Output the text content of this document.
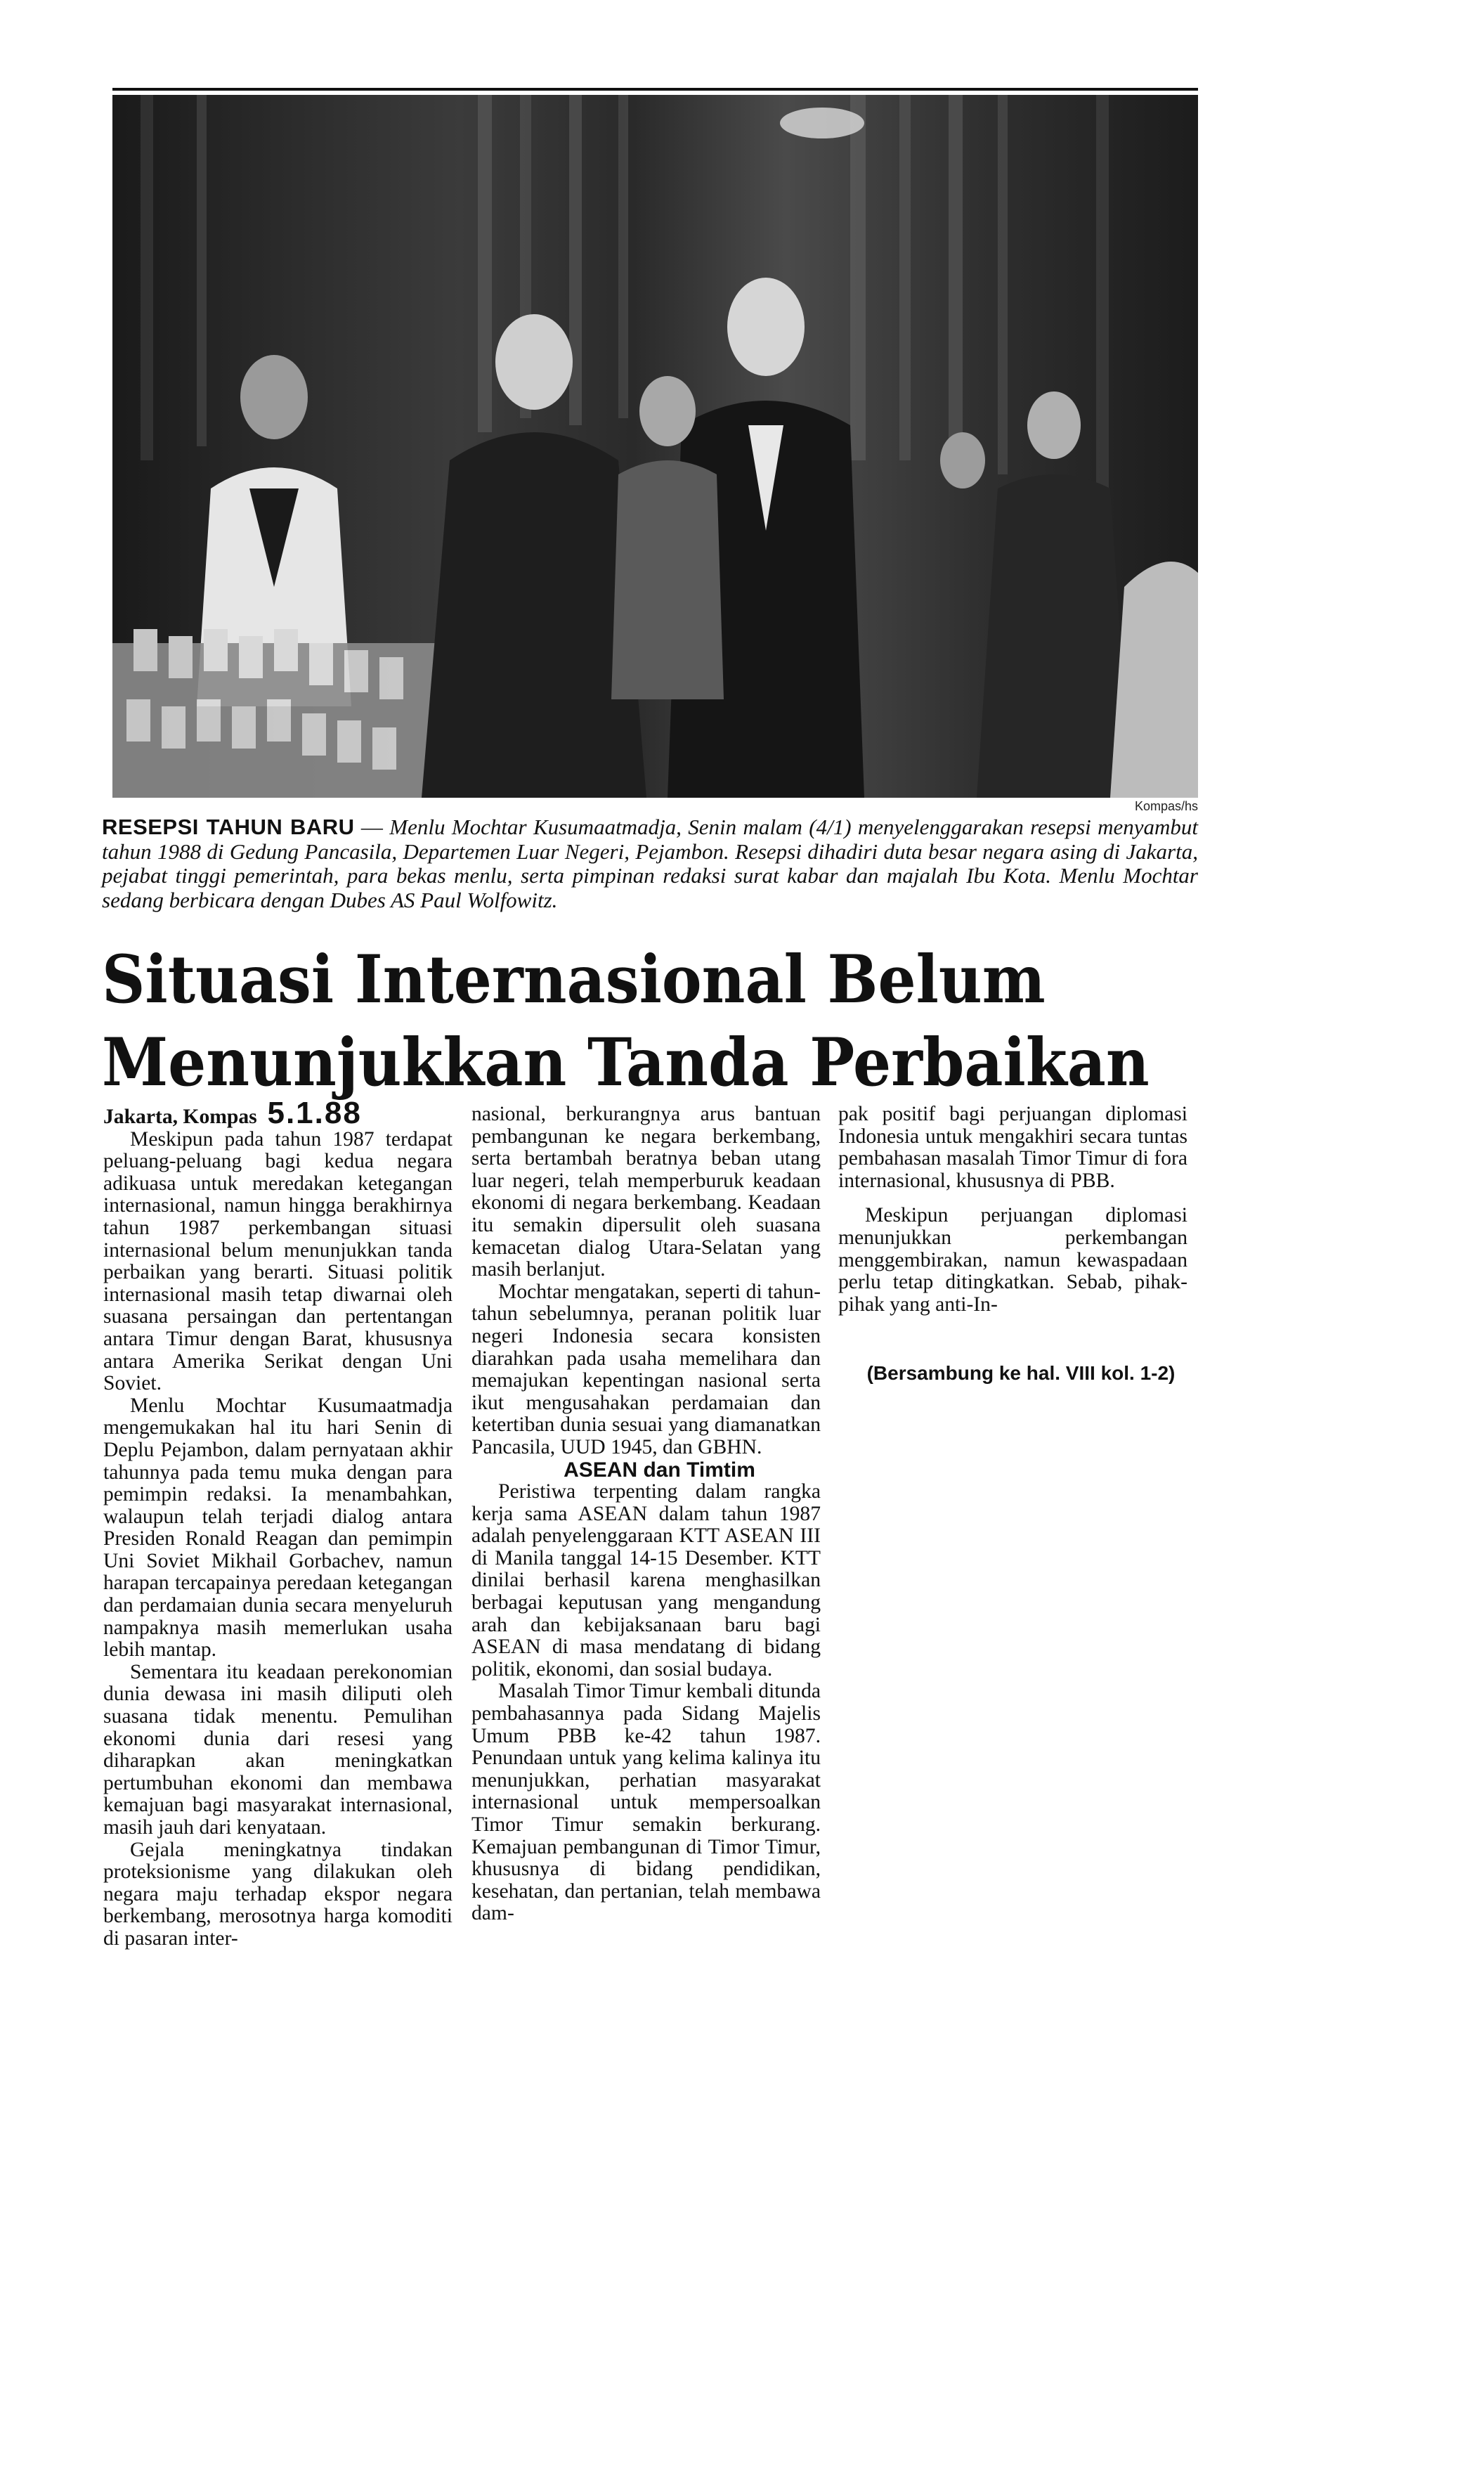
Kompas/hs
RESEPSI TAHUN BARU — Menlu Mochtar Kusumaatmadja, Senin malam (4/1) menyelenggarakan resepsi menyambut tahun 1988 di Gedung Pancasila, Departemen Luar Negeri, Pejambon. Resepsi dihadiri duta besar negara asing di Jakarta, pejabat tinggi pemerintah, para bekas menlu, serta pimpinan redaksi surat kabar dan majalah Ibu Kota. Menlu Mochtar sedang berbicara dengan Dubes AS Paul Wolfowitz.
Situasi Internasional Belum
Menunjukkan Tanda Perbaikan

Jakarta, Kompas 5.1.88

Meskipun pada tahun 1987 terdapat peluang-peluang bagi kedua negara adikuasa untuk meredakan ketegangan internasional, namun hingga berakhirnya tahun 1987 perkembangan situasi internasional belum menunjukkan tanda perbaikan yang berarti. Situasi politik internasional masih tetap diwarnai oleh suasana persaingan dan pertentangan antara Timur dengan Barat, khususnya antara Amerika Serikat dengan Uni Soviet.

Menlu Mochtar Kusumaatmadja mengemukakan hal itu hari Senin di Deplu Pejambon, dalam pernyataan akhir tahunnya pada temu muka dengan para pemimpin redaksi. Ia menambahkan, walaupun telah terjadi dialog antara Presiden Ronald Reagan dan pemimpin Uni Soviet Mikhail Gorbachev, namun harapan tercapainya peredaan ketegangan dan perdamaian dunia secara menyeluruh nampaknya masih memerlukan usaha lebih mantap.

Sementara itu keadaan perekonomian dunia dewasa ini masih diliputi oleh suasana tidak menentu. Pemulihan ekonomi dunia dari resesi yang diharapkan akan meningkatkan pertumbuhan ekonomi dan membawa kemajuan bagi masyarakat internasional, masih jauh dari kenyataan.

Gejala meningkatnya tindakan proteksionisme yang dilakukan oleh negara maju terhadap ekspor negara berkembang, merosotnya harga komoditi di pasaran inter-

nasional, berkurangnya arus bantuan pembangunan ke negara berkembang, serta bertambah beratnya beban utang luar negeri, telah memperburuk keadaan ekonomi di negara berkembang. Keadaan itu semakin dipersulit oleh suasana kemacetan dialog Utara-Selatan yang masih berlanjut.

Mochtar mengatakan, seperti di tahun-tahun sebelumnya, peranan politik luar negeri Indonesia secara konsisten diarahkan pada usaha memelihara dan memajukan kepentingan nasional serta ikut mengusahakan perdamaian dan ketertiban dunia sesuai yang diamanatkan Pancasila, UUD 1945, dan GBHN.

ASEAN dan Timtim

Peristiwa terpenting dalam rangka kerja sama ASEAN dalam tahun 1987 adalah penyelenggaraan KTT ASEAN III di Manila tanggal 14-15 Desember. KTT dinilai berhasil karena menghasilkan berbagai keputusan yang mengandung arah dan kebijaksanaan baru bagi ASEAN di masa mendatang di bidang politik, ekonomi, dan sosial budaya.

Masalah Timor Timur kembali ditunda pembahasannya pada Sidang Majelis Umum PBB ke-42 tahun 1987. Penundaan untuk yang kelima kalinya itu menunjukkan, perhatian masyarakat internasional untuk mempersoalkan Timor Timur semakin berkurang. Kemajuan pembangunan di Timor Timur, khususnya di bidang pendidikan, kesehatan, dan pertanian, telah membawa dam-

pak positif bagi perjuangan diplomasi Indonesia untuk mengakhiri secara tuntas pembahasan masalah Timor Timur di fora internasional, khususnya di PBB.

Meskipun perjuangan diplomasi menunjukkan perkembangan menggembirakan, namun kewaspadaan perlu tetap ditingkatkan. Sebab, pihak-pihak yang anti-In-

(Bersambung ke hal. VIII kol. 1-2)
